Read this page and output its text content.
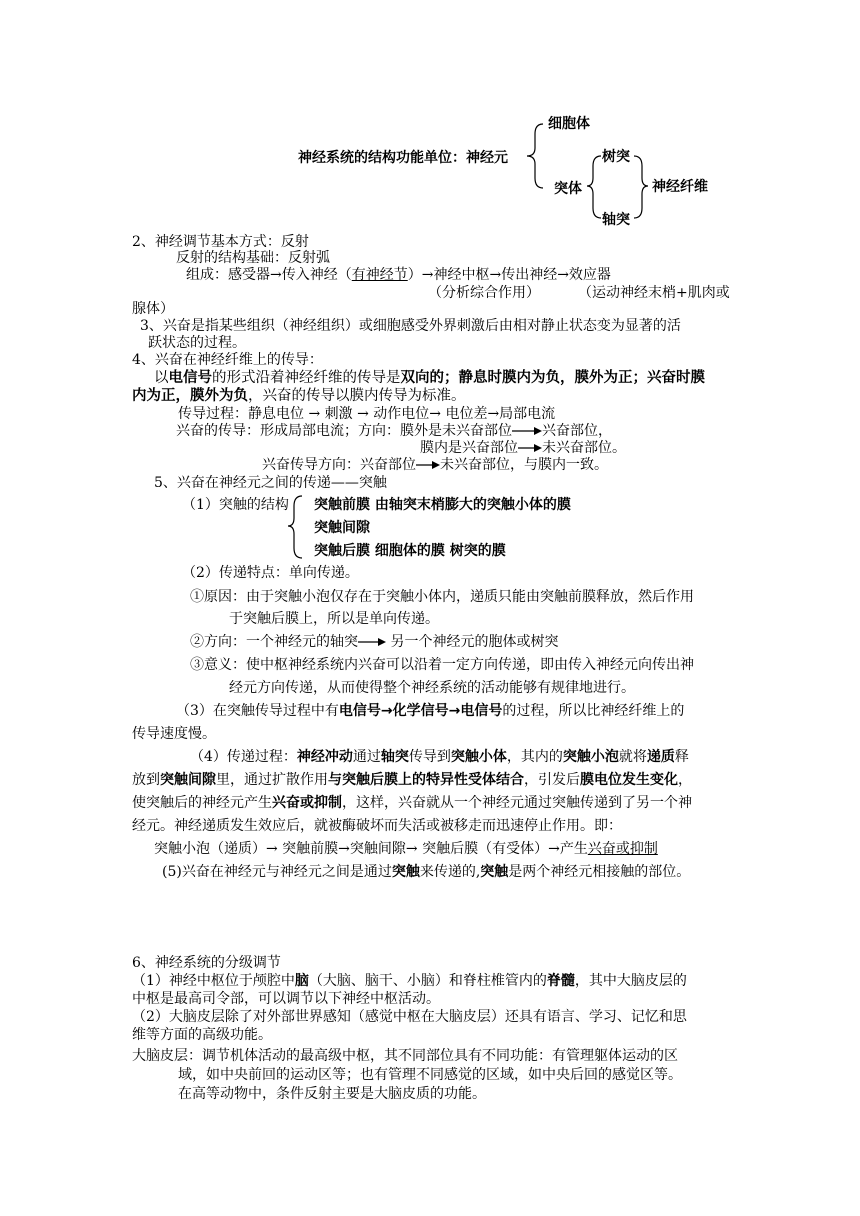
神经系统的结构功能单位：神经元
细胞体
突体
树突
轴突
神经纤维
2、神经调节基本方式：反射
反射的结构基础：反射弧
组成：感受器→传入神经（有神经节）→神经中枢→传出神经→效应器
（分析综合作用）	（运动神经末梢+肌肉或
腺体）
3、兴奋是指某些组织（神经组织）或细胞感受外界刺激后由相对静止状态变为显著的活
跃状态的过程。
4、兴奋在神经纤维上的传导：
以电信号的形式沿着神经纤维的传导是双向的；静息时膜内为负，膜外为正；兴奋时膜
内为正，膜外为负，兴奋的传导以膜内传导为标准。
传导过程：静息电位 → 刺激 → 动作电位→ 电位差→局部电流
兴奋的传导：形成局部电流；方向：膜外是未兴奋部位 兴奋部位，
膜内是兴奋部位 未兴奋部位。
兴奋传导方向：兴奋部位 未兴奋部位，与膜内一致。
5、兴奋在神经元之间的传递——突触
（1）突触的结构 突触前膜 由轴突末梢膨大的突触小体的膜
突触间隙
突触后膜 细胞体的膜 树突的膜
（2）传递特点：单向传递。
①原因：由于突触小泡仅存在于突触小体内，递质只能由突触前膜释放，然后作用
于突触后膜上，所以是单向传递。
②方向：一个神经元的轴突 另一个神经元的胞体或树突
③意义：使中枢神经系统内兴奋可以沿着一定方向传递，即由传入神经元向传出神
经元方向传递，从而使得整个神经系统的活动能够有规律地进行。
（3）在突触传导过程中有电信号→化学信号→电信号的过程，所以比神经纤维上的
传导速度慢。
（4）传递过程：神经冲动通过轴突传导到突触小体，其内的突触小泡就将递质释
放到突触间隙里，通过扩散作用与突触后膜上的特异性受体结合，引发后膜电位发生变化，
使突触后的神经元产生兴奋或抑制，这样，兴奋就从一个神经元通过突触传递到了另一个神
经元。神经递质发生效应后，就被酶破坏而失活或被移走而迅速停止作用。即：
突触小泡（递质）→ 突触前膜→突触间隙→ 突触后膜（有受体）→产生兴奋或抑制
(5)兴奋在神经元与神经元之间是通过突触来传递的,突触是两个神经元相接触的部位。
6、神经系统的分级调节
（1）神经中枢位于颅腔中脑（大脑、脑干、小脑）和脊柱椎管内的脊髓，其中大脑皮层的
中枢是最高司令部，可以调节以下神经中枢活动。
（2）大脑皮层除了对外部世界感知（感觉中枢在大脑皮层）还具有语言、学习、记忆和思
维等方面的高级功能。
大脑皮层：调节机体活动的最高级中枢，其不同部位具有不同功能：有管理躯体运动的区
域，如中央前回的运动区等；也有管理不同感觉的区域，如中央后回的感觉区等。
在高等动物中，条件反射主要是大脑皮质的功能。
